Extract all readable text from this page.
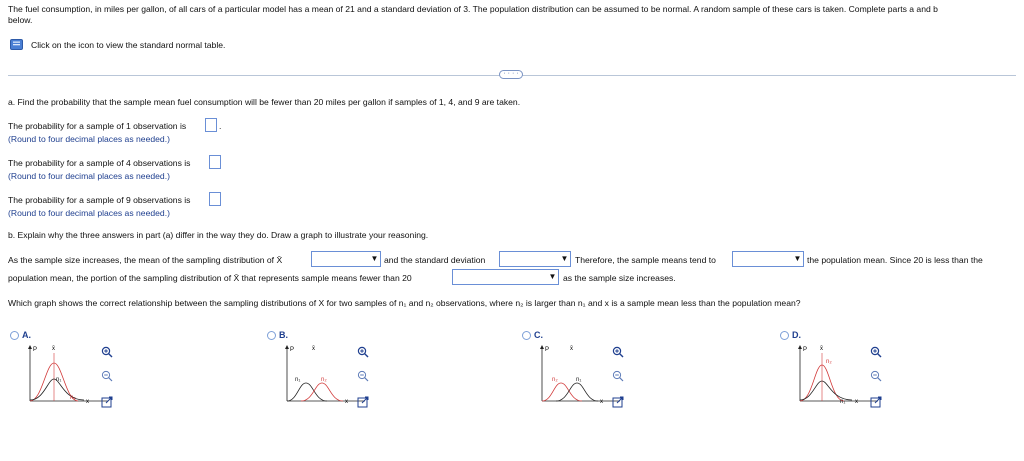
The fuel consumption, in miles per gallon, of all cars of a particular model has a mean of 21 and a standard deviation of 3. The population distribution can be assumed to be normal. A random sample of these cars is taken. Complete parts a and b
below.
Click on the icon to view the standard normal table.
· · · ·
a. Find the probability that the sample mean fuel consumption will be fewer than 20 miles per gallon if samples of 1, 4, and 9 are taken.
The probability for a sample of 1 observation is	.
(Round to four decimal places as needed.)
The probability for a sample of 4 observations is
(Round to four decimal places as needed.)
The probability for a sample of 9 observations is
(Round to four decimal places as needed.)
b. Explain why the three answers in part (a) differ in the way they do. Draw a graph to illustrate your reasoning.
As the sample size increases, the mean of the sampling distribution of X̄	▼ and the standard deviation	▼ Therefore, the sample means tend to	▼ the population mean. Since 20 is less than the
population mean, the portion of the sampling distribution of X̄ that represents sample means fewer than 20	▼ as the sample size increases.
Which graph shows the correct relationship between the sampling distributions of X for two samples of n₁ and n₂ observations, where n₂ is larger than n₁ and x is a sample mean less than the population mean?
A.
P x̄
n₁
n₂
x
B.
P	x̄
n₁	n₂
x
C.
P	x̄
n₂	n₁
x
D.
P x̄
n₂
n₁ x
